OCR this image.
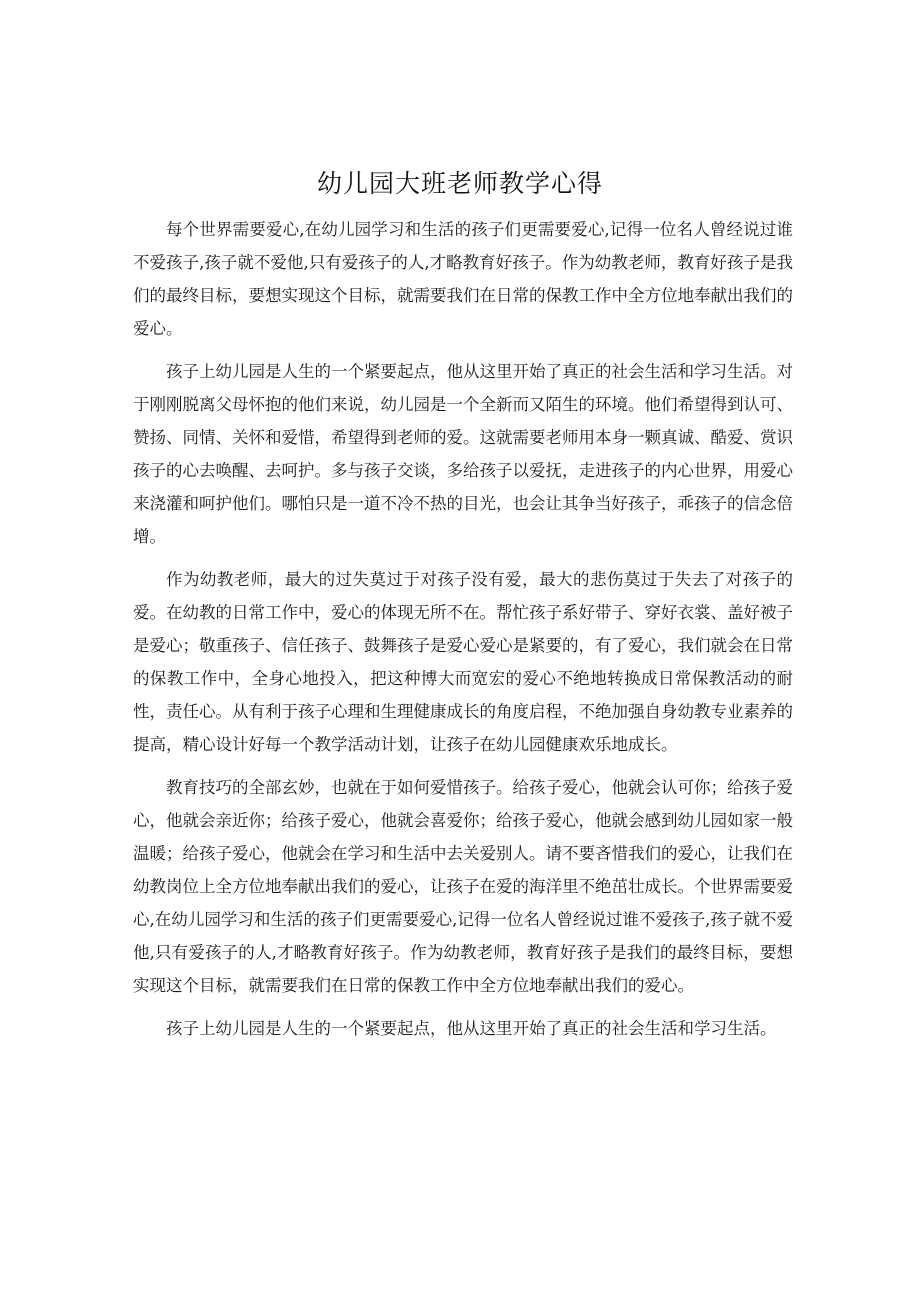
幼儿园大班老师教学心得

每个世界需要爱心,在幼儿园学习和生活的孩子们更需要爱心,记得一位名人曾经说过谁不爱孩子,孩子就不爱他,只有爱孩子的人,才略教育好孩子。作为幼教老师，教育好孩子是我们的最终目标，要想实现这个目标，就需要我们在日常的保教工作中全方位地奉献出我们的爱心。

孩子上幼儿园是人生的一个紧要起点，他从这里开始了真正的社会生活和学习生活。对于刚刚脱离父母怀抱的他们来说，幼儿园是一个全新而又陌生的环境。他们希望得到认可、赞扬、同情、关怀和爱惜，希望得到老师的爱。这就需要老师用本身一颗真诚、酷爱、赏识孩子的心去唤醒、去呵护。多与孩子交谈，多给孩子以爱抚，走进孩子的内心世界，用爱心来浇灌和呵护他们。哪怕只是一道不冷不热的目光，也会让其争当好孩子，乖孩子的信念倍增。

作为幼教老师，最大的过失莫过于对孩子没有爱，最大的悲伤莫过于失去了对孩子的爱。在幼教的日常工作中，爱心的体现无所不在。帮忙孩子系好带子、穿好衣裳、盖好被子是爱心；敬重孩子、信任孩子、鼓舞孩子是爱心爱心是紧要的，有了爱心，我们就会在日常的保教工作中，全身心地投入，把这种博大而宽宏的爱心不绝地转换成日常保教活动的耐性，责任心。从有利于孩子心理和生理健康成长的角度启程，不绝加强自身幼教专业素养的提高，精心设计好每一个教学活动计划，让孩子在幼儿园健康欢乐地成长。

教育技巧的全部玄妙，也就在于如何爱惜孩子。给孩子爱心，他就会认可你；给孩子爱心，他就会亲近你；给孩子爱心，他就会喜爱你；给孩子爱心，他就会感到幼儿园如家一般温暖；给孩子爱心，他就会在学习和生活中去关爱别人。请不要吝惜我们的爱心，让我们在幼教岗位上全方位地奉献出我们的爱心，让孩子在爱的海洋里不绝茁壮成长。个世界需要爱心,在幼儿园学习和生活的孩子们更需要爱心,记得一位名人曾经说过谁不爱孩子,孩子就不爱他,只有爱孩子的人,才略教育好孩子。作为幼教老师，教育好孩子是我们的最终目标，要想实现这个目标，就需要我们在日常的保教工作中全方位地奉献出我们的爱心。

孩子上幼儿园是人生的一个紧要起点，他从这里开始了真正的社会生活和学习生活。
